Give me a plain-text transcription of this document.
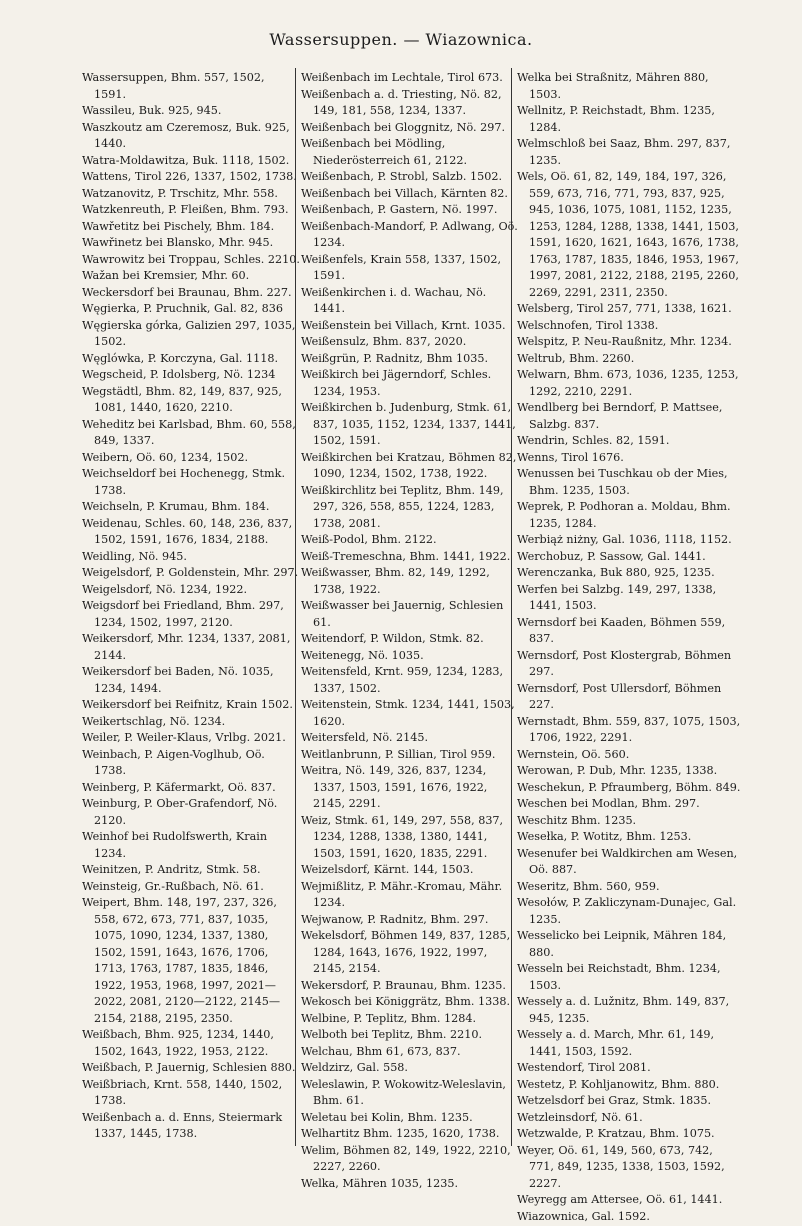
Wassersuppen. — Wiazownica.

Wassersuppen, Bhm. 557, 1502, 1591.

Wassileu, Buk. 925, 945.

Waszkoutz am Czeremosz, Buk. 925, 1440.

Watra-Moldawitza, Buk. 1118, 1502.

Wattens, Tirol 226, 1337, 1502, 1738.

Watzanovitz, P. Trschitz, Mhr. 558.

Watzkenreuth, P. Fleißen, Bhm. 793.

Wawřetitz bei Pischely, Bhm. 184.

Wawřinetz bei Blansko, Mhr. 945.

Wawrowitz bei Troppau, Schles. 2210.

Wažan bei Kremsier, Mhr. 60.

Weckersdorf bei Braunau, Bhm. 227.

Węgierka, P. Pruchnik, Gal. 82, 836

Węgierska górka, Galizien 297, 1035, 1502.

Węglówka, P. Korczyna, Gal. 1118.

Wegscheid, P. Idolsberg, Nö. 1234

Wegstädtl, Bhm. 82, 149, 837, 925, 1081, 1440, 1620, 2210.

Weheditz bei Karlsbad, Bhm. 60, 558, 849, 1337.

Weibern, Oö. 60, 1234, 1502.

Weichseldorf bei Hochenegg, Stmk. 1738.

Weichseln, P. Krumau, Bhm. 184.

Weidenau, Schles. 60, 148, 236, 837, 1502, 1591, 1676, 1834, 2188.

Weidling, Nö. 945.

Weigelsdorf, P. Goldenstein, Mhr. 297.

Weigelsdorf, Nö. 1234, 1922.

Weigsdorf bei Friedland, Bhm. 297, 1234, 1502, 1997, 2120.

Weikersdorf, Mhr. 1234, 1337, 2081, 2144.

Weikersdorf bei Baden, Nö. 1035, 1234, 1494.

Weikersdorf bei Reifnitz, Krain 1502.

Weikertschlag, Nö. 1234.

Weiler, P. Weiler-Klaus, Vrlbg. 2021.

Weinbach, P. Aigen-Voglhub, Oö. 1738.

Weinberg, P. Käfermarkt, Oö. 837.

Weinburg, P. Ober-Grafendorf, Nö. 2120.

Weinhof bei Rudolfswerth, Krain 1234.

Weinitzen, P. Andritz, Stmk. 58.

Weinsteig, Gr.-Rußbach, Nö. 61.

Weipert, Bhm. 148, 197, 237, 326, 558, 672, 673, 771, 837, 1035, 1075, 1090, 1234, 1337, 1380, 1502, 1591, 1643, 1676, 1706, 1713, 1763, 1787, 1835, 1846, 1922, 1953, 1968, 1997, 2021—2022, 2081, 2120—2122, 2145—2154, 2188, 2195, 2350.

Weißbach, Bhm. 925, 1234, 1440, 1502, 1643, 1922, 1953, 2122.

Weißbach, P. Jauernig, Schlesien 880.

Weißbriach, Krnt. 558, 1440, 1502, 1738.

Weißenbach a. d. Enns, Steiermark 1337, 1445, 1738.

Weißenbach im Lechtale, Tirol 673.

Weißenbach a. d. Triesting, Nö. 82, 149, 181, 558, 1234, 1337.

Weißenbach bei Gloggnitz, Nö. 297.

Weißenbach bei Mödling, Niederösterreich 61, 2122.

Weißenbach, P. Strobl, Salzb. 1502.

Weißenbach bei Villach, Kärnten 82.

Weißenbach, P. Gastern, Nö. 1997.

Weißenbach-Mandorf, P. Adlwang, Oö. 1234.

Weißenfels, Krain 558, 1337, 1502, 1591.

Weißenkirchen i. d. Wachau, Nö. 1441.

Weißenstein bei Villach, Krnt. 1035.

Weißensulz, Bhm. 837, 2020.

Weißgrün, P. Radnitz, Bhm 1035.

Weißkirch bei Jägerndorf, Schles. 1234, 1953.

Weißkirchen b. Judenburg, Stmk. 61, 837, 1035, 1152, 1234, 1337, 1441, 1502, 1591.

Weißkirchen bei Kratzau, Böhmen 82, 1090, 1234, 1502, 1738, 1922.

Weißkirchlitz bei Teplitz, Bhm. 149, 297, 326, 558, 855, 1224, 1283, 1738, 2081.

Weiß-Podol, Bhm. 2122.

Weiß-Tremeschna, Bhm. 1441, 1922.

Weißwasser, Bhm. 82, 149, 1292, 1738, 1922.

Weißwasser bei Jauernig, Schlesien 61.

Weitendorf, P. Wildon, Stmk. 82.

Weitenegg, Nö. 1035.

Weitensfeld, Krnt. 959, 1234, 1283, 1337, 1502.

Weitenstein, Stmk. 1234, 1441, 1503, 1620.

Weitersfeld, Nö. 2145.

Weitlanbrunn, P. Sillian, Tirol 959.

Weitra, Nö. 149, 326, 837, 1234, 1337, 1503, 1591, 1676, 1922, 2145, 2291.

Weiz, Stmk. 61, 149, 297, 558, 837, 1234, 1288, 1338, 1380, 1441, 1503, 1591, 1620, 1835, 2291.

Weizelsdorf, Kärnt. 144, 1503.

Wejmißlitz, P. Mähr.-Kromau, Mähr. 1234.

Wejwanow, P. Radnitz, Bhm. 297.

Wekelsdorf, Böhmen 149, 837, 1285, 1284, 1643, 1676, 1922, 1997, 2145, 2154.

Wekersdorf, P. Braunau, Bhm. 1235.

Wekosch bei Königgrätz, Bhm. 1338.

Welbine, P. Teplitz, Bhm. 1284.

Welboth bei Teplitz, Bhm. 2210.

Welchau, Bhm 61, 673, 837.

Weldzirz, Gal. 558.

Weleslawin, P. Wokowitz-Weleslavin, Bhm. 61.

Weletau bei Kolin, Bhm. 1235.

Welhartitz Bhm. 1235, 1620, 1738.

Welim, Böhmen 82, 149, 1922, 2210, 2227, 2260.

Welka, Mähren 1035, 1235.

Welka bei Straßnitz, Mähren 880, 1503.

Wellnitz, P. Reichstadt, Bhm. 1235, 1284.

Welmschloß bei Saaz, Bhm. 297, 837, 1235.

Wels, Oö. 61, 82, 149, 184, 197, 326, 559, 673, 716, 771, 793, 837, 925, 945, 1036, 1075, 1081, 1152, 1235, 1253, 1284, 1288, 1338, 1441, 1503, 1591, 1620, 1621, 1643, 1676, 1738, 1763, 1787, 1835, 1846, 1953, 1967, 1997, 2081, 2122, 2188, 2195, 2260, 2269, 2291, 2311, 2350.

Welsberg, Tirol 257, 771, 1338, 1621.

Welschnofen, Tirol 1338.

Welspitz, P. Neu-Raußnitz, Mhr. 1234.

Weltrub, Bhm. 2260.

Welwarn, Bhm. 673, 1036, 1235, 1253, 1292, 2210, 2291.

Wendlberg bei Berndorf, P. Mattsee, Salzbg. 837.

Wendrin, Schles. 82, 1591.

Wenns, Tirol 1676.

Wenussen bei Tuschkau ob der Mies, Bhm. 1235, 1503.

Weprek, P. Podhoran a. Moldau, Bhm. 1235, 1284.

Werbiąż niżny, Gal. 1036, 1118, 1152.

Werchobuz, P. Sassow, Gal. 1441.

Werenczanka, Buk 880, 925, 1235.

Werfen bei Salzbg. 149, 297, 1338, 1441, 1503.

Wernsdorf bei Kaaden, Böhmen 559, 837.

Wernsdorf, Post Klostergrab, Böhmen 297.

Wernsdorf, Post Ullersdorf, Böhmen 227.

Wernstadt, Bhm. 559, 837, 1075, 1503, 1706, 1922, 2291.

Wernstein, Oö. 560.

Werowan, P. Dub, Mhr. 1235, 1338.

Weschekun, P. Pfraumberg, Böhm. 849.

Weschen bei Modlan, Bhm. 297.

Weschitz Bhm. 1235.

Wesełka, P. Wotitz, Bhm. 1253.

Wesenufer bei Waldkirchen am Wesen, Oö. 887.

Weseritz, Bhm. 560, 959.

Wesołów, P. Zakliczynam-Dunajec, Gal. 1235.

Wesselicko bei Leipnik, Mähren 184, 880.

Wesseln bei Reichstadt, Bhm. 1234, 1503.

Wessely a. d. Lužnitz, Bhm. 149, 837, 945, 1235.

Wessely a. d. March, Mhr. 61, 149, 1441, 1503, 1592.

Westendorf, Tirol 2081.

Westetz, P. Kohljanowitz, Bhm. 880.

Wetzelsdorf bei Graz, Stmk. 1835.

Wetzleinsdorf, Nö. 61.

Wetzwalde, P. Kratzau, Bhm. 1075.

Weyer, Oö. 61, 149, 560, 673, 742, 771, 849, 1235, 1338, 1503, 1592, 2227.

Weyregg am Attersee, Oö. 61, 1441.

Wiazownica, Gal. 1592.
